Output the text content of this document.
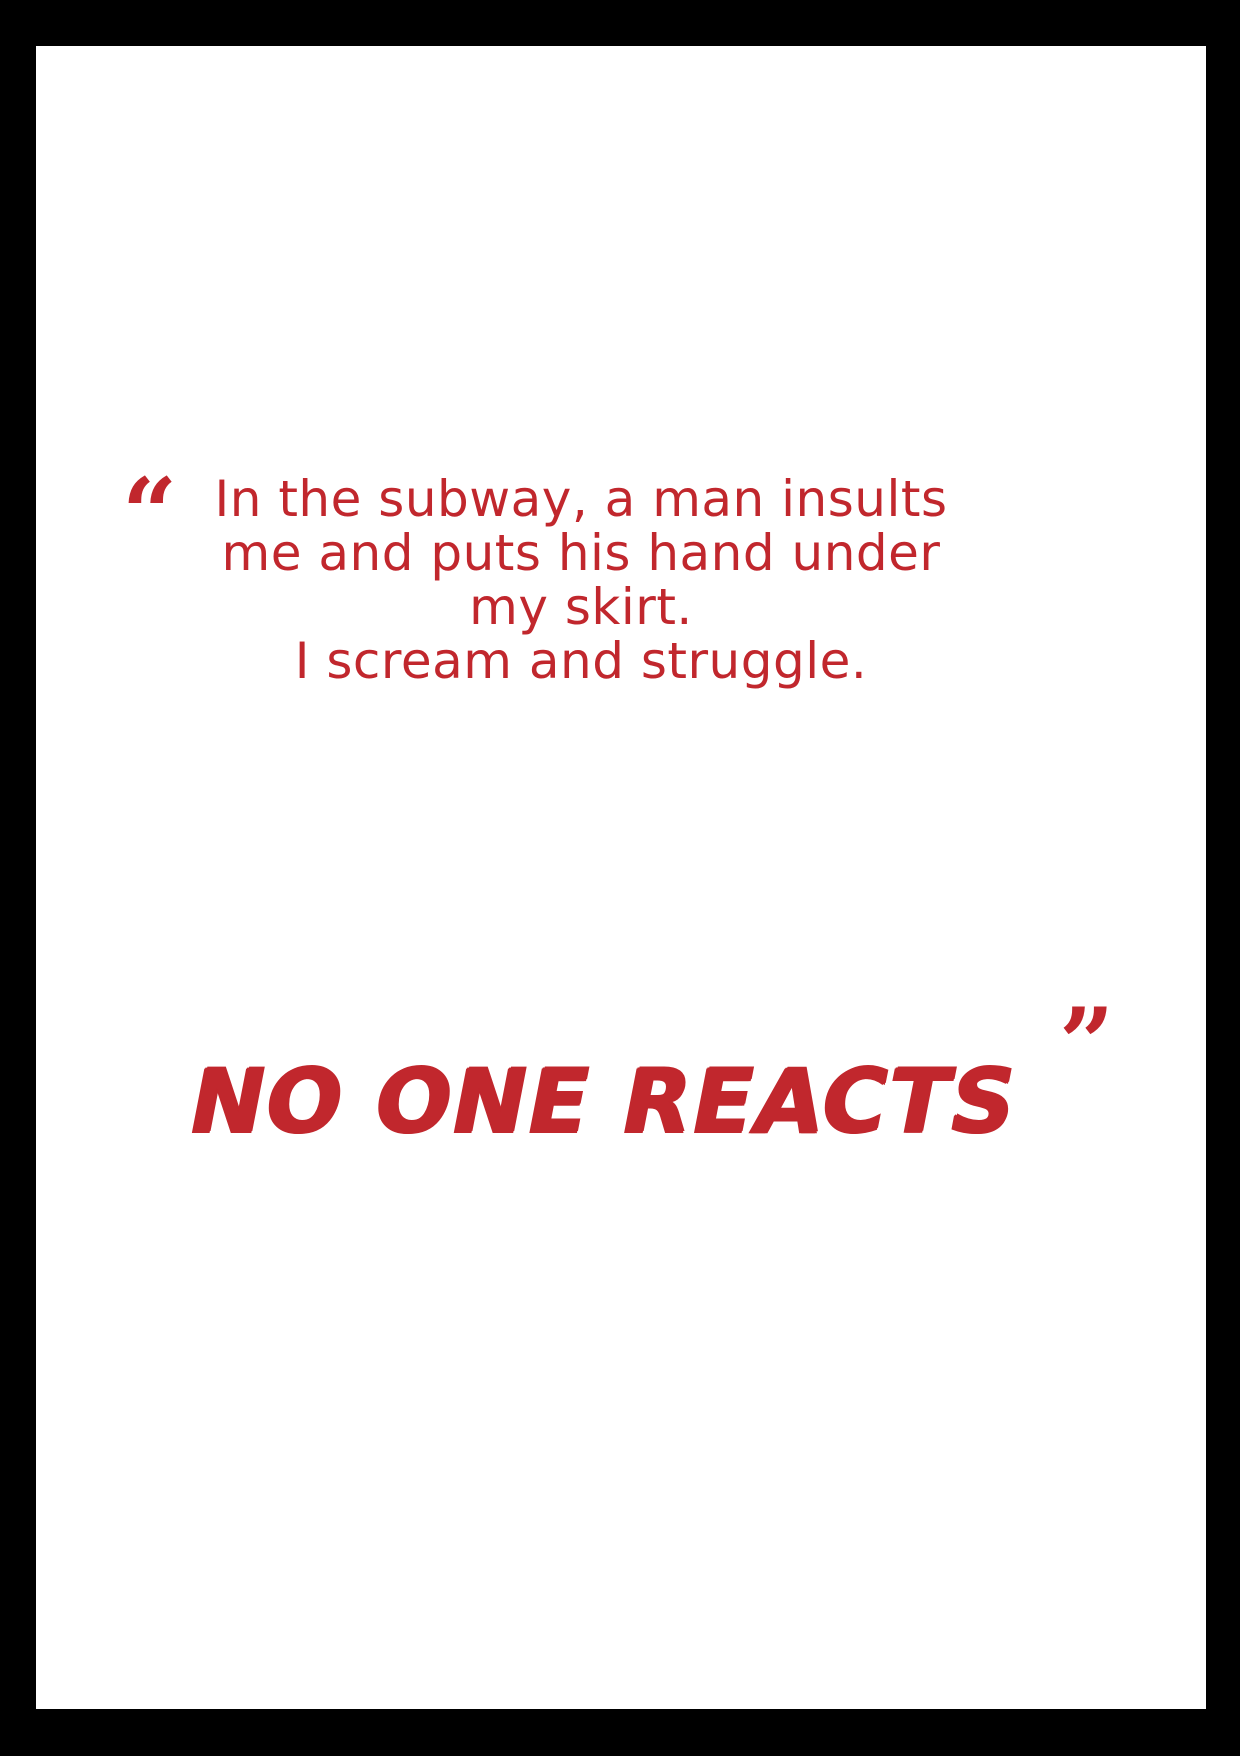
“ In the subway, a man insults
me and puts his hand under
my skirt.

I scream and struggle.

NO ONE REACTS
”
